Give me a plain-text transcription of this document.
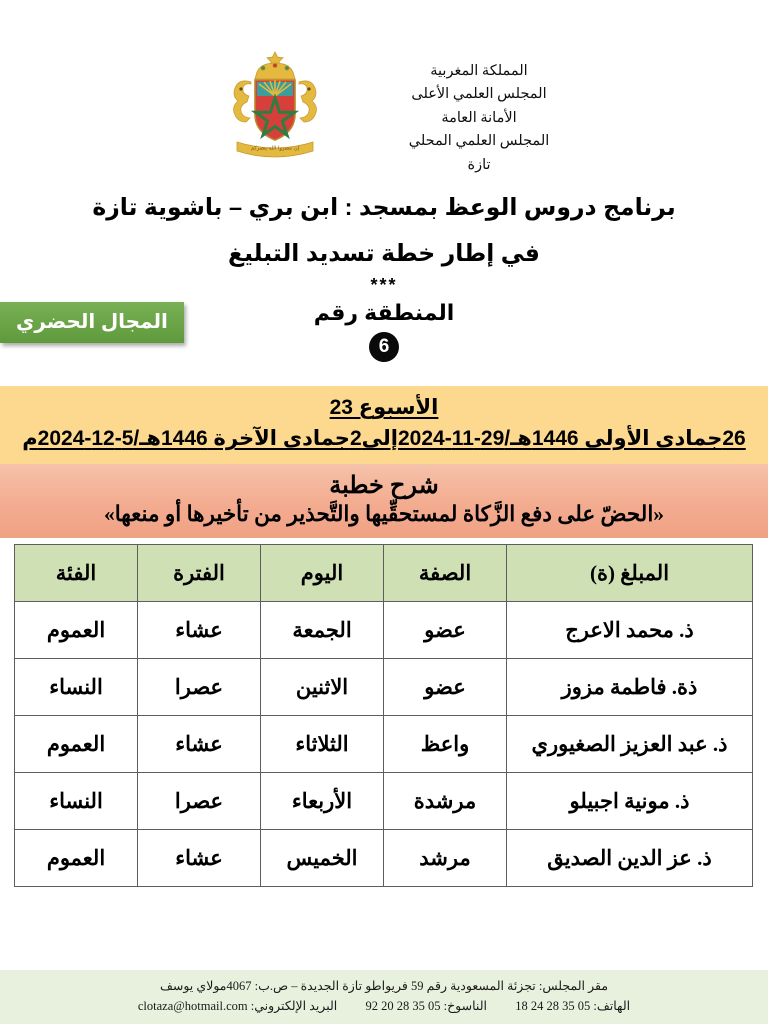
إن تنصروا الله ينصركم
المملكة المغربية
المجلس العلمي الأعلى
الأمانة العامة
المجلس العلمي المحلي
تازة
برنامج دروس الوعظ بمسجد : ابن بري – باشوية تازة
في إطار خطة تسديد التبليغ
***
المنطقة رقم
6
المجال الحضري
الأسبوع 23
26جمادى الأولى 1446هـ/29-11-2024إلى2جمادى الآخرة 1446هـ/5-12-2024م
شرح خطبة
«الحضّ على دفع الزَّكاة لمستحقِّيها والتَّحذير من تأخيرها أو منعها»
المبلغ (ة)	الصفة	اليوم	الفترة	الفئة
ذ. محمد الاعرج	عضو	الجمعة	عشاء	العموم
ذة. فاطمة مزوز	عضو	الاثنين	عصرا	النساء
ذ. عبد العزيز الصغيوري	واعظ	الثلاثاء	عشاء	العموم
ذ. مونية اجبيلو	مرشدة	الأربعاء	عصرا	النساء
ذ. عز الدين الصديق	مرشد	الخميس	عشاء	العموم
مقر المجلس: تجزئة المسعودية رقم 59 فريواطو تازة الجديدة – ص.ب: 4067مولاي يوسف
الهاتف: 05 35 28 24 18  الناسوخ: 05 35 28 20 92  البريد الإلكتروني: clotaza@hotmail.com
